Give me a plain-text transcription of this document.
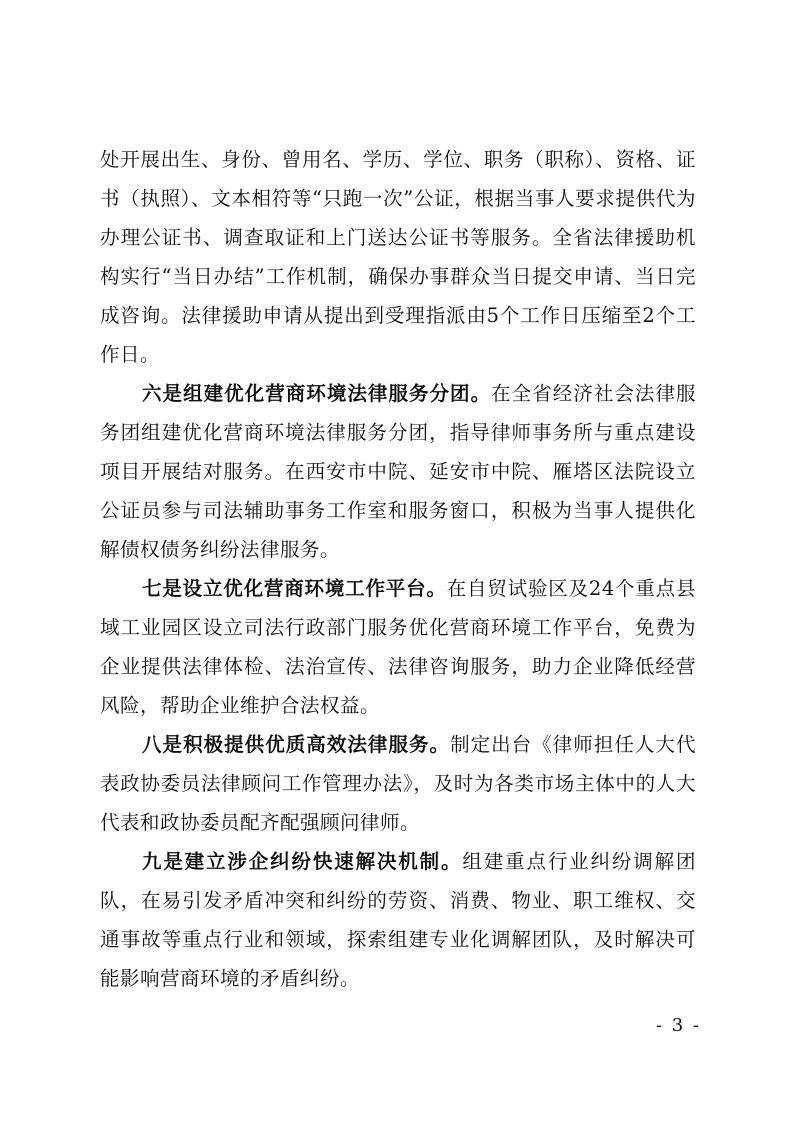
处开展出生、身份、曾用名、学历、学位、职务（职称）、资格、证书（执照）、文本相符等“只跑一次”公证，根据当事人要求提供代为办理公证书、调查取证和上门送达公证书等服务。全省法律援助机构实行“当日办结”工作机制，确保办事群众当日提交申请、当日完成咨询。法律援助申请从提出到受理指派由5个工作日压缩至2个工作日。

六是组建优化营商环境法律服务分团。在全省经济社会法律服务团组建优化营商环境法律服务分团，指导律师事务所与重点建设项目开展结对服务。在西安市中院、延安市中院、雁塔区法院设立公证员参与司法辅助事务工作室和服务窗口，积极为当事人提供化解债权债务纠纷法律服务。

七是设立优化营商环境工作平台。在自贸试验区及24个重点县域工业园区设立司法行政部门服务优化营商环境工作平台，免费为企业提供法律体检、法治宣传、法律咨询服务，助力企业降低经营风险，帮助企业维护合法权益。

八是积极提供优质高效法律服务。制定出台《律师担任人大代表政协委员法律顾问工作管理办法》，及时为各类市场主体中的人大代表和政协委员配齐配强顾问律师。

九是建立涉企纠纷快速解决机制。组建重点行业纠纷调解团队，在易引发矛盾冲突和纠纷的劳资、消费、物业、职工维权、交通事故等重点行业和领域，探索组建专业化调解团队，及时解决可能影响营商环境的矛盾纠纷。

- 3 -
